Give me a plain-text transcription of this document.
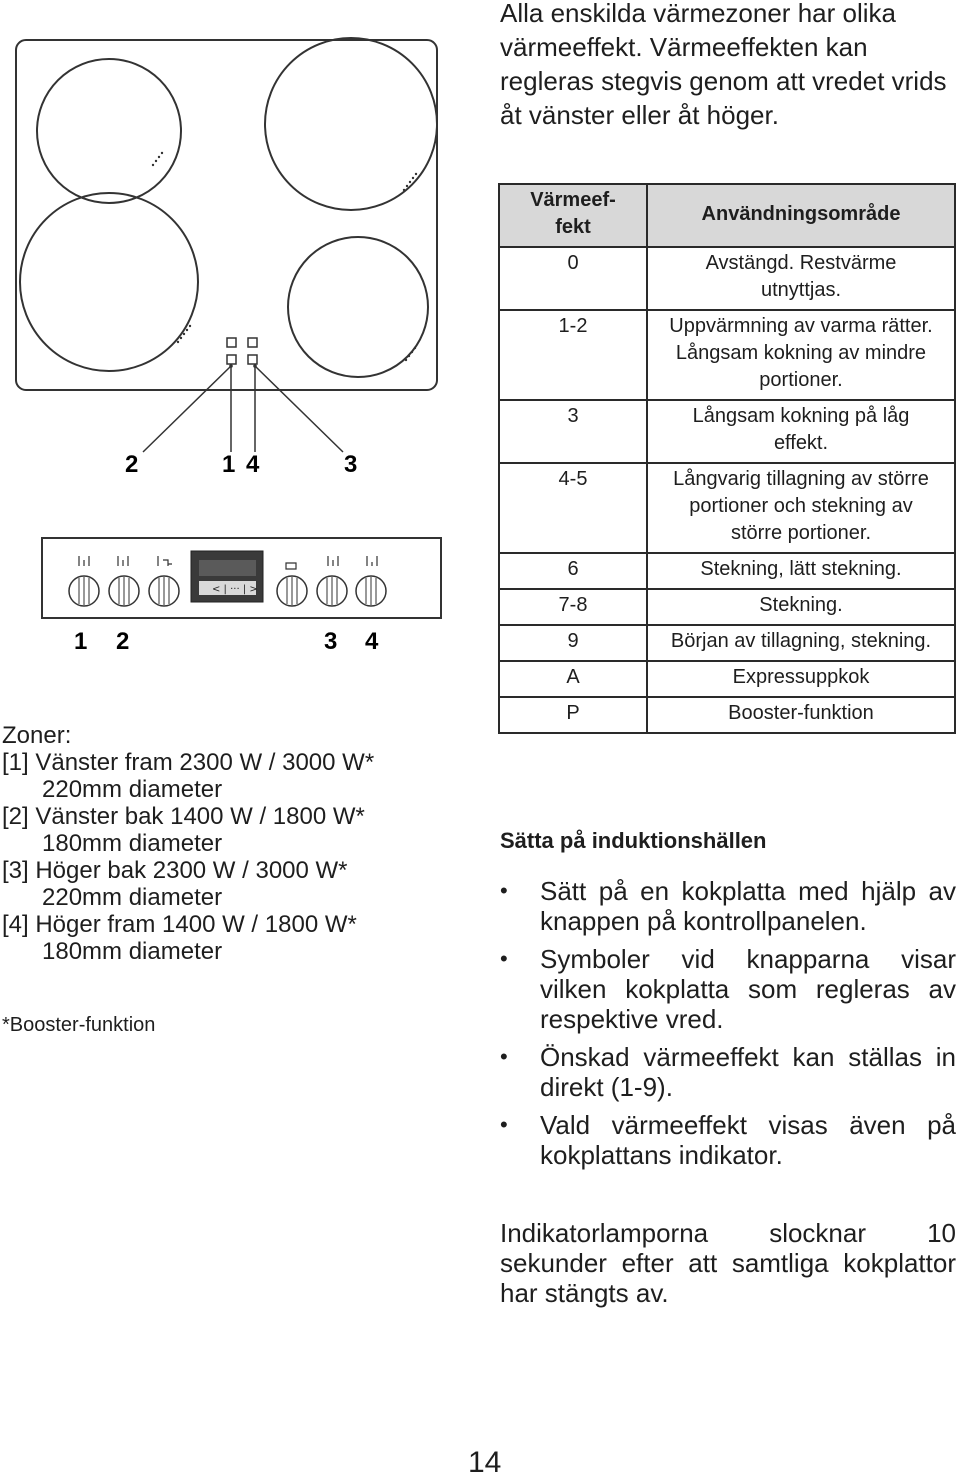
Alla enskilda värmezoner har olika värmeeffekt. Värmeeffekten kan regleras stegvis genom att vredet vrids åt vänster eller åt höger.
2	1 4	3
< | ··· | >
1 2	3 4
Värmeef-
fekt	Användningsområde
0	Avstängd. Restvärme utnyttjas.
1-2	Uppvärmning av varma rätter. Långsam kokning av mindre portioner.
3	Långsam kokning på låg effekt.
4-5	Långvarig tillagning av större portioner och stekning av större portioner.
6	Stekning, lätt stekning.
7-8	Stekning.
9	Början av tillagning, stekning.
A	Expressuppkok
P	Booster-funktion
Sätta på induktionshällen
• Sätt på en kokplatta med hjälp av knappen på kontrollpanelen.
• Symboler vid knapparna visar vilken kokplatta som regleras av respektive vred.
• Önskad värmeeffekt kan ställas in direkt (1-9).
• Vald värmeeffekt visas även på kokplattans indikator.
Indikatorlamporna slocknar 10 sekunder efter att samtliga kokplattor har stängts av.
Zoner:
[1] Vänster fram 2300 W / 3000 W*
220mm diameter
[2] Vänster bak 1400 W / 1800 W*
180mm diameter
[3] Höger bak 2300 W / 3000 W*
220mm diameter
[4] Höger fram 1400 W / 1800 W*
180mm diameter
*Booster-funktion
14
